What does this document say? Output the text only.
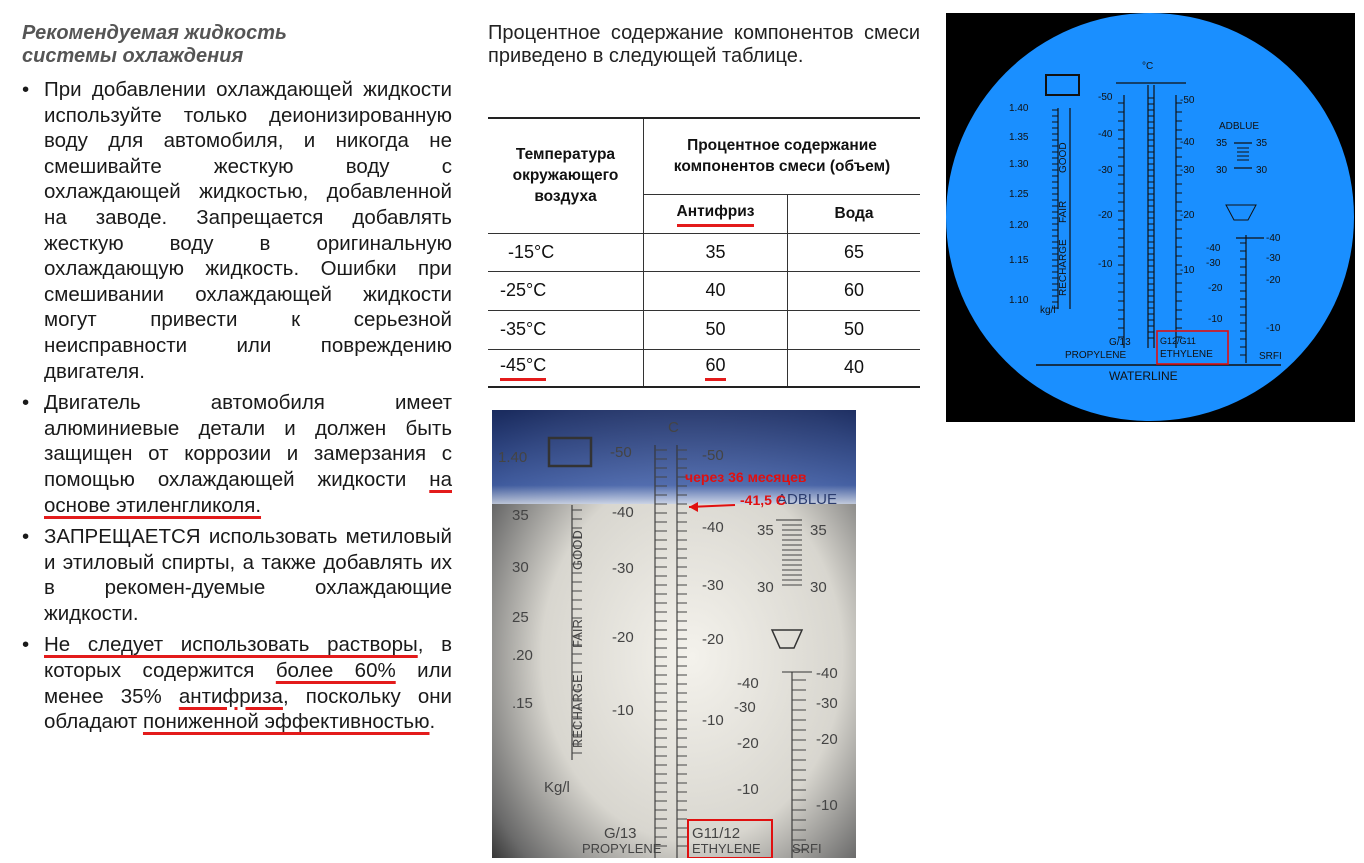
Рекомендуемая жидкость
системы охлаждения
• При добавлении охлаждающей жидкости используйте только деионизированную воду для автомобиля, и никогда не смешивайте жесткую воду с охлаждающей жидкостью, добавленной на заводе. Запрещается добавлять жесткую воду в оригинальную охлаждающую жидкость. Ошибки при смешивании охлаждающей жидкости могут привести к серьезной неисправности или повреждению двигателя.
• Двигатель автомобиля имеет алюминиевые детали и должен быть защищен от коррозии и замерзания с помощью охлаждающей жидкости на основе этиленгликоля.
• ЗАПРЕЩАЕТСЯ использовать метиловый и этиловый спирты, а также добавлять их в рекомен-дуемые охлаждающие жидкости.
• Не следует использовать растворы, в которых содержится более 60% или менее 35% антифриза, поскольку они обладают пониженной эффективностью.
Процентное содержание компонентов смеси приведено в следующей таблице.
Температура окружающего воздуха	Процентное содержание компонентов смеси (объем)	
	Антифриз	Вода
-15°C	35	65
-25°C	40	60
-35°C	50	50
-45°C	60	40
°C
1.40
1.35
1.30
1.25
1.20
1.15
1.10
kg/l
GOOD
FAIR
RECHARGE
-50
-40
-30
-20
-10
-50
-40
-30
-20
-10
ADBLUE
35	35
30	30
-40
-30
-20
-10
-40
-30
-20
-10
G/13
PROPYLENE
G12/G11
ETHYLENE	SRFI
WATERLINE
C
-50	-50
-40
-40
-30
-30
-20	-20
-10
-10
1.40
35
30
25
.20
.15
Kg/l
35 35
30 30
-40
-30
-20
-10
-40
-30
-20
-10
G/13
PROPYLENE
G11/12
ETHYLENE SRFI
GOOD
FAIR
RECHARGE
ADBLUE
через 36 месяцев
-41,5 С
